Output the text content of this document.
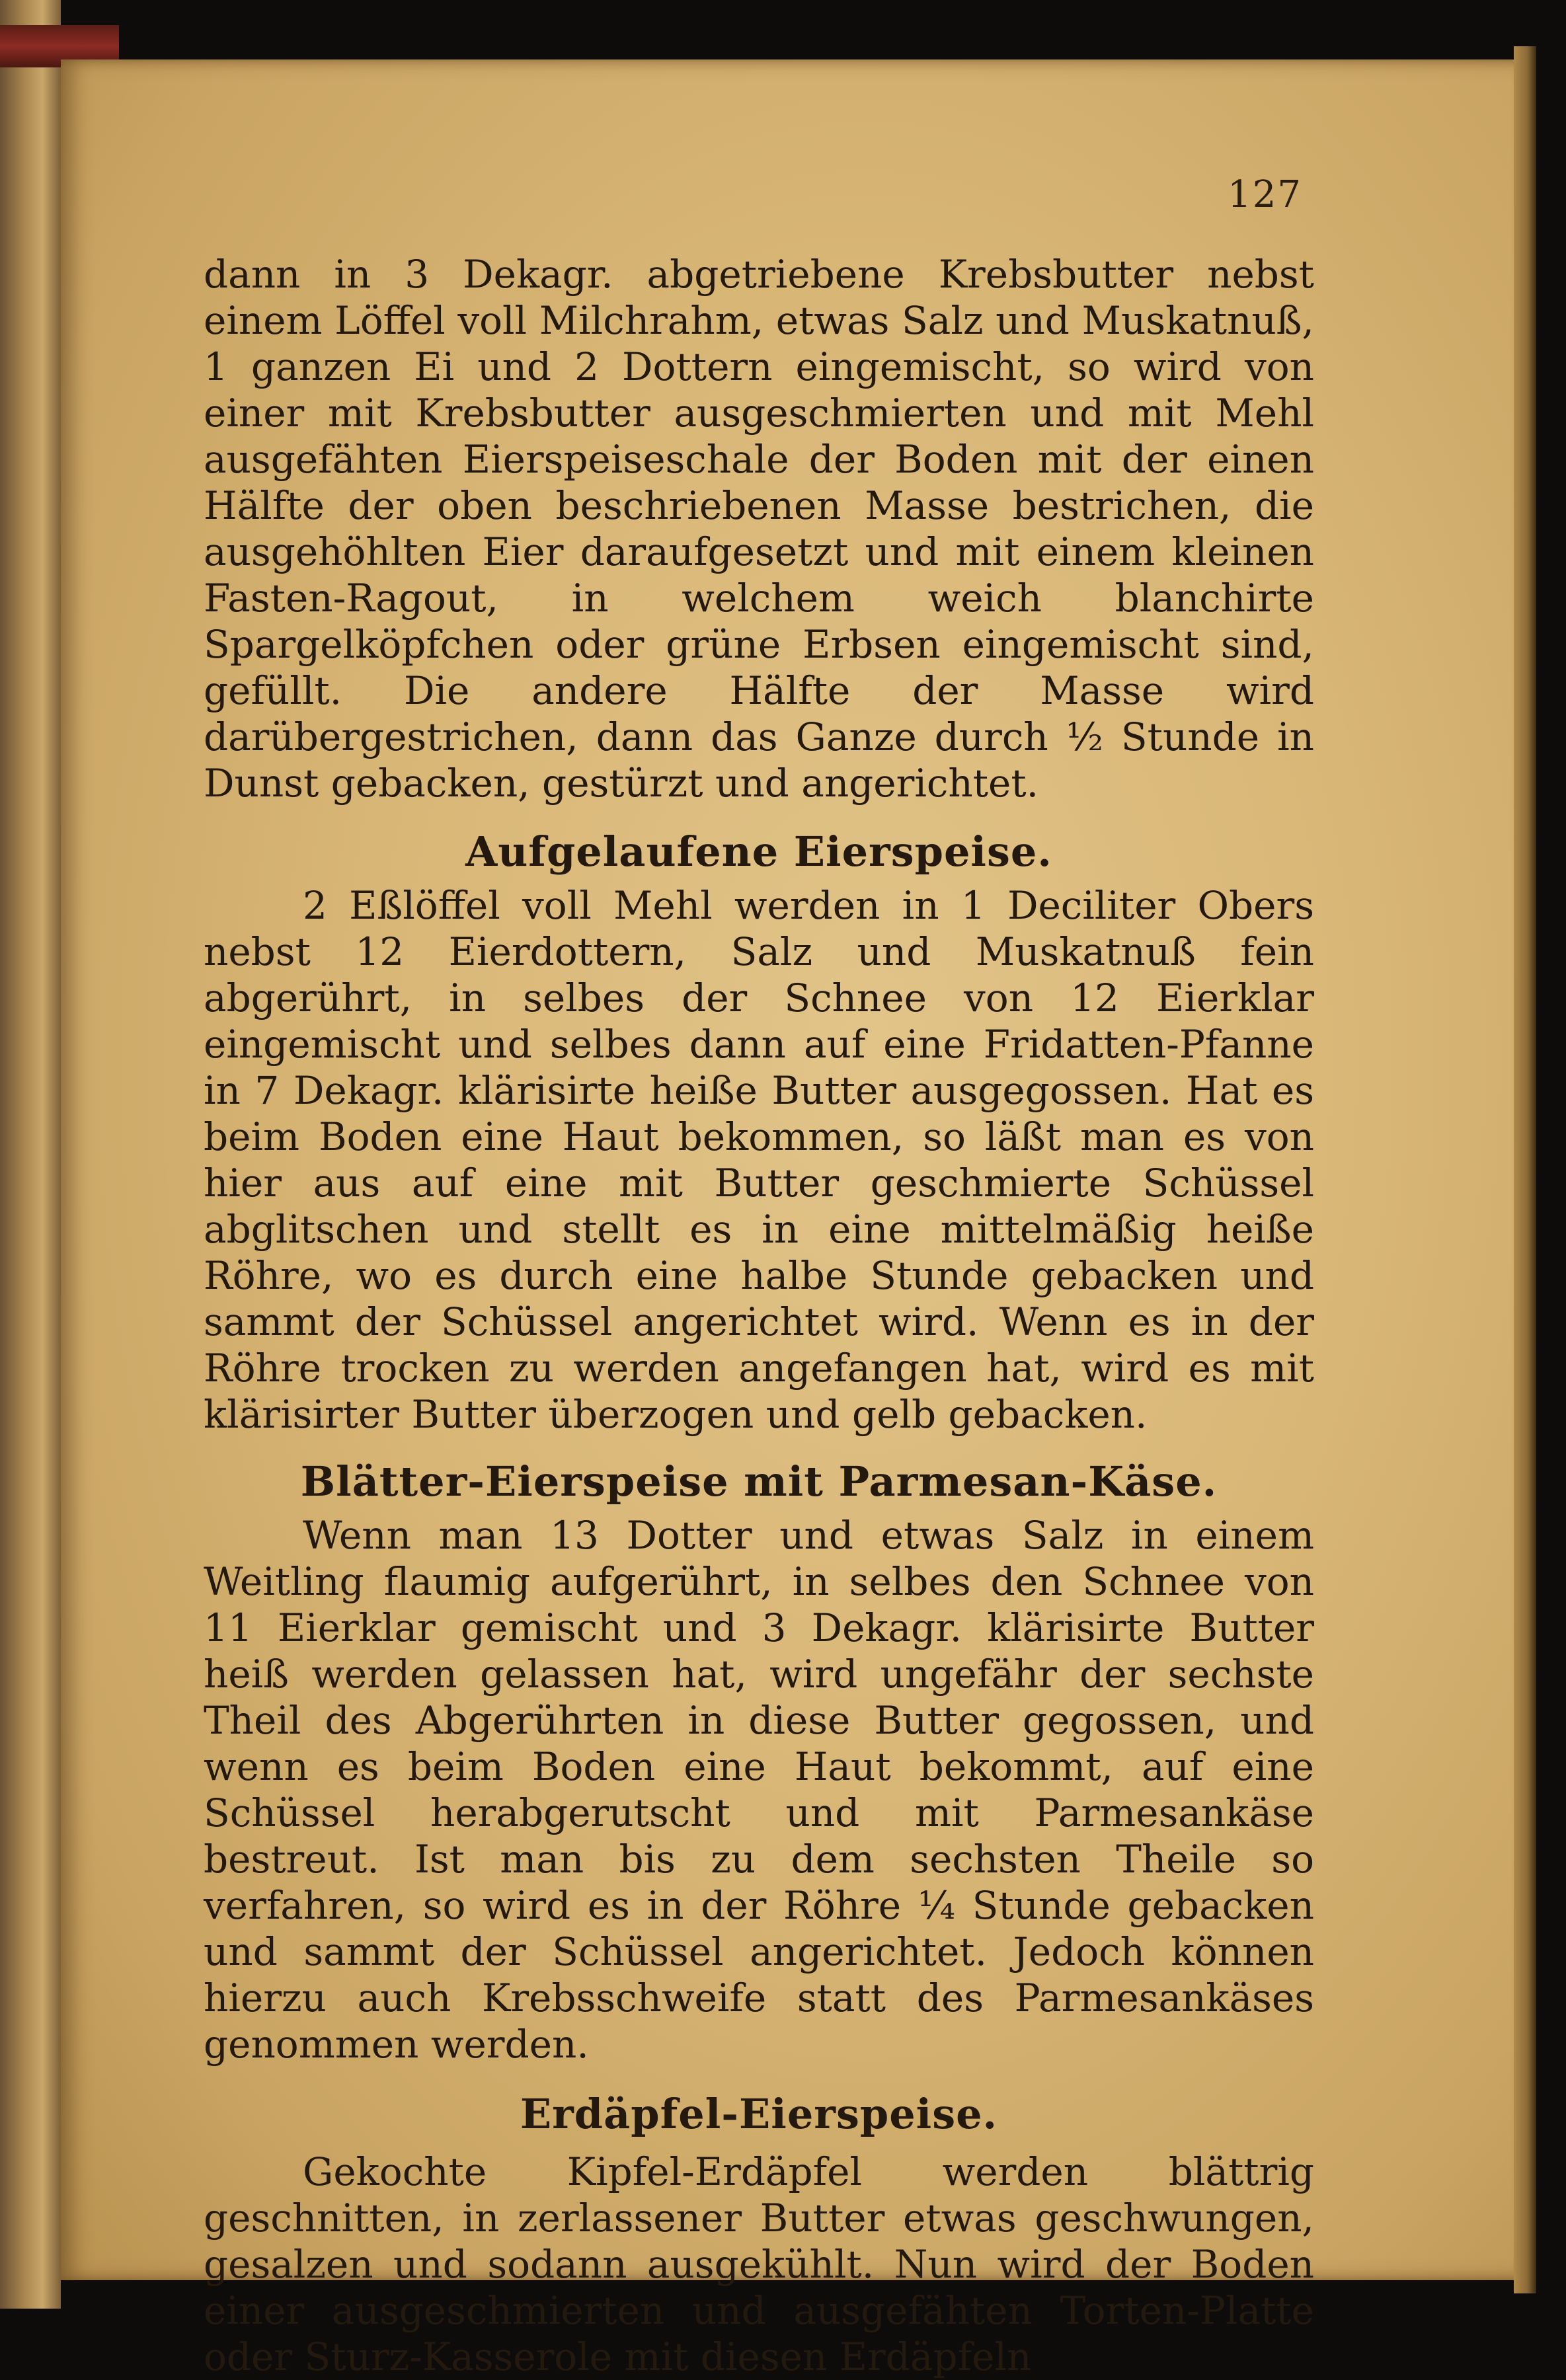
127

dann in 3 Dekagr. abgetriebene Krebsbutter nebst einem Löffel voll Milchrahm, etwas Salz und Muskatnuß, 1 ganzen Ei und 2 Dottern eingemischt, so wird von einer mit Krebsbutter ausgeschmierten und mit Mehl ausgefähten Eierspeiseschale der Boden mit der einen Hälfte der oben beschriebenen Masse bestrichen, die ausgehöhlten Eier daraufgesetzt und mit einem kleinen Fasten-Ragout, in welchem weich blanchirte Spargelköpfchen oder grüne Erbsen eingemischt sind, gefüllt. Die andere Hälfte der Masse wird darübergestrichen, dann das Ganze durch ½ Stunde in Dunst gebacken, gestürzt und angerichtet.

Aufgelaufene Eierspeise.

2 Eßlöffel voll Mehl werden in 1 Deciliter Obers nebst 12 Eierdottern, Salz und Muskatnuß fein abgerührt, in selbes der Schnee von 12 Eierklar eingemischt und selbes dann auf eine Fridatten-Pfanne in 7 Dekagr. klärisirte heiße Butter ausgegossen. Hat es beim Boden eine Haut bekommen, so läßt man es von hier aus auf eine mit Butter geschmierte Schüssel abglitschen und stellt es in eine mittelmäßig heiße Röhre, wo es durch eine halbe Stunde gebacken und sammt der Schüssel angerichtet wird. Wenn es in der Röhre trocken zu werden angefangen hat, wird es mit klärisirter Butter überzogen und gelb gebacken.

Blätter-Eierspeise mit Parmesan-Käse.

Wenn man 13 Dotter und etwas Salz in einem Weitling flaumig aufgerührt, in selbes den Schnee von 11 Eierklar gemischt und 3 Dekagr. klärisirte Butter heiß werden gelassen hat, wird ungefähr der sechste Theil des Abgerührten in diese Butter gegossen, und wenn es beim Boden eine Haut bekommt, auf eine Schüssel herabgerutscht und mit Parmesankäse bestreut. Ist man bis zu dem sechsten Theile so verfahren, so wird es in der Röhre ¼ Stunde gebacken und sammt der Schüssel angerichtet. Jedoch können hierzu auch Krebsschweife statt des Parmesankäses genommen werden.

Erdäpfel-Eierspeise.

Gekochte Kipfel-Erdäpfel werden blättrig geschnitten, in zerlassener Butter etwas geschwungen, gesalzen und sodann ausgekühlt. Nun wird der Boden einer ausgeschmierten und ausgefähten Torten-Platte oder Sturz-Kasserole mit diesen Erdäpfeln
